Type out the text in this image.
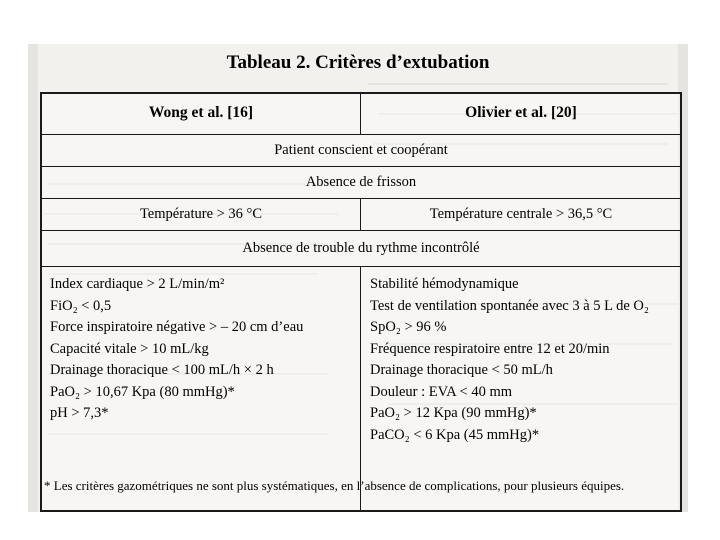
Tableau 2. Critères d’extubation
Wong et al. [16]	Olivier et al. [20]
Patient conscient et coopérant
Absence de frisson
Température > 36 °C	Température centrale > 36,5 °C
Absence de trouble du rythme incontrôlé
Index cardiaque > 2 L/min/m²
FiO₂ < 0,5
Force inspiratoire négative > – 20 cm d’eau
Capacité vitale > 10 mL/kg
Drainage thoracique < 100 mL/h × 2 h
PaO₂ > 10,67 Kpa (80 mmHg)*
pH > 7,3*
Stabilité hémodynamique
Test de ventilation spontanée avec 3 à 5 L de O₂
SpO₂ > 96 %
Fréquence respiratoire entre 12 et 20/min
Drainage thoracique < 50 mL/h
Douleur : EVA < 40 mm
PaO₂ > 12 Kpa (90 mmHg)*
PaCO₂ < 6 Kpa (45 mmHg)*
* Les critères gazométriques ne sont plus systématiques, en l’absence de complications, pour plusieurs équipes.
